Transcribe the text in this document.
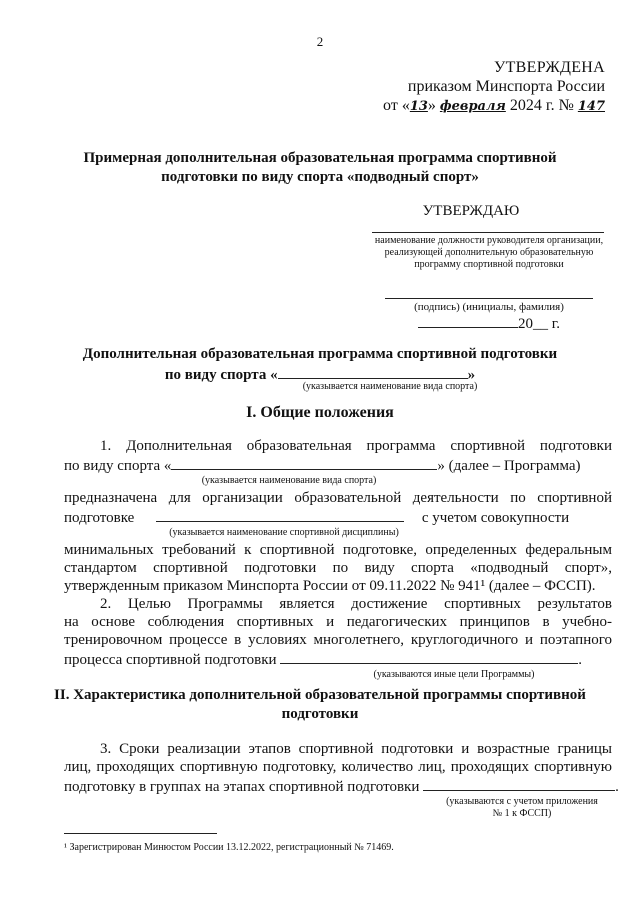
2
УТВЕРЖДЕНА
приказом Минспорта России
от «13» февраля 2024 г. № 147
Примерная дополнительная образовательная программа спортивной
подготовки по виду спорта «подводный спорт»
УТВЕРЖДАЮ
наименование должности руководителя организации, реализующей дополнительную образовательную программу спортивной подготовки
(подпись) (инициалы, фамилия)
20__ г.
Дополнительная образовательная программа спортивной подготовки
по виду спорта «	»
(указывается наименование вида спорта)
I. Общие положения
1. Дополнительная образовательная программа спортивной подготовки
по виду спорта «	» (далее – Программа)
(указывается наименование вида спорта)
предназначена для организации образовательной деятельности по спортивной
подготовке	с учетом совокупности
(указывается наименование спортивной дисциплины)
минимальных требований к спортивной подготовке, определенных федеральным
стандартом спортивной подготовки по виду спорта «подводный спорт»,
утвержденным приказом Минспорта России от 09.11.2022 № 941¹ (далее – ФССП).
2. Целью Программы является достижение спортивных результатов
на основе соблюдения спортивных и педагогических принципов в учебно-
тренировочном процессе в условиях многолетнего, круглогодичного и поэтапного
процесса спортивной подготовки	.
(указываются иные цели Программы)
II. Характеристика дополнительной образовательной программы спортивной
подготовки
3. Сроки реализации этапов спортивной подготовки и возрастные границы
лиц, проходящих спортивную подготовку, количество лиц, проходящих спортивную
подготовку в группах на этапах спортивной подготовки	.
(указываются с учетом приложения
№ 1 к ФССП)
¹ Зарегистрирован Минюстом России 13.12.2022, регистрационный № 71469.
